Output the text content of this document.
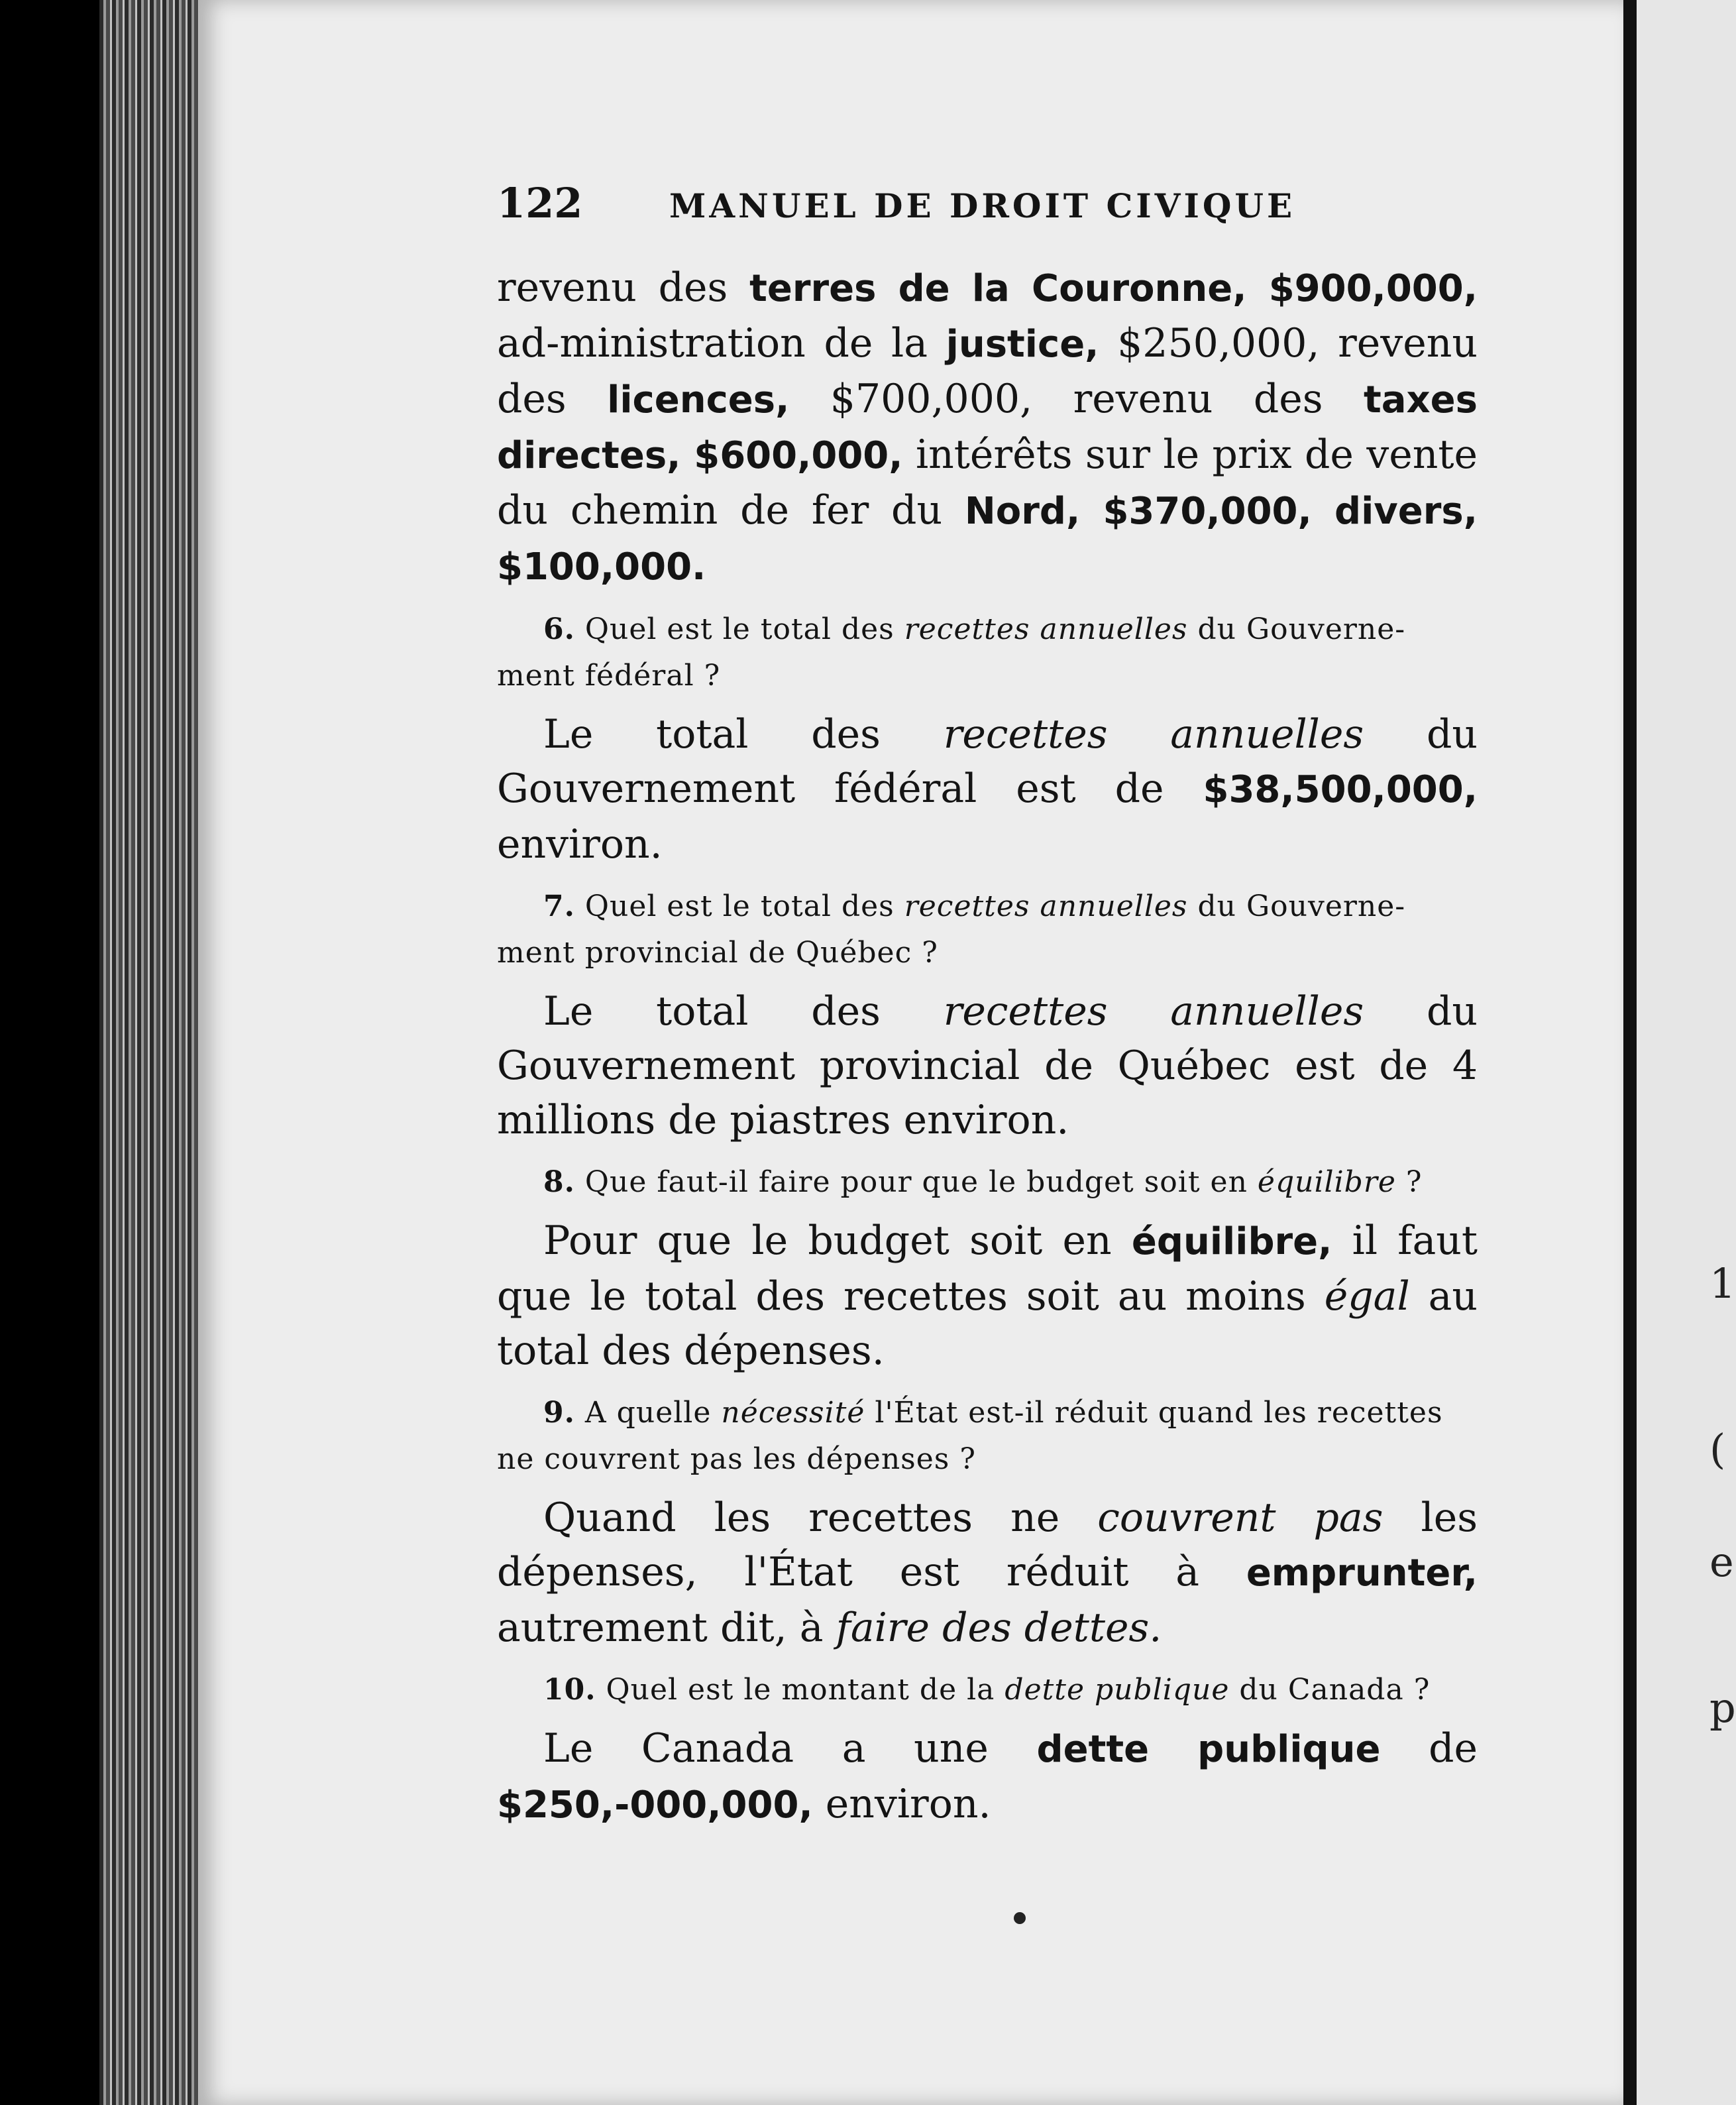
1
(
e
p
122	MANUEL DE DROIT CIVIQUE

revenu des terres de la Couronne, $900,000, ad-ministration de la justice, $250,000, revenu des licences, $700,000, revenu des taxes directes, $600,000, intérêts sur le prix de vente du chemin de fer du Nord, $370,000, divers, $100,000.

6. Quel est le total des recettes annuelles du Gouverne-ment fédéral ?

Le total des recettes annuelles du Gouvernement fédéral est de $38,500,000, environ.

7. Quel est le total des recettes annuelles du Gouverne-ment provincial de Québec ?

Le total des recettes annuelles du Gouvernement provincial de Québec est de 4 millions de piastres environ.

8. Que faut-il faire pour que le budget soit en équilibre ?

Pour que le budget soit en équilibre, il faut que le total des recettes soit au moins égal au total des dépenses.

9. A quelle nécessité l'État est-il réduit quand les recettes ne couvrent pas les dépenses ?

Quand les recettes ne couvrent pas les dépenses, l'État est réduit à emprunter, autrement dit, à faire des dettes.

10. Quel est le montant de la dette publique du Canada ?

Le Canada a une dette publique de $250,-000,000, environ.
